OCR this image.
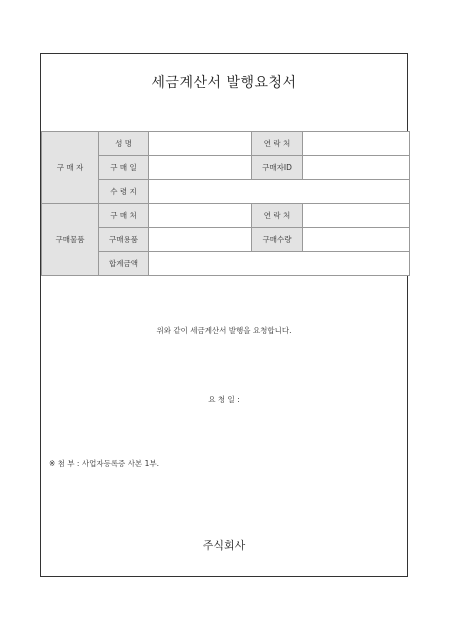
세금계산서 발행요청서
구 매 자	성 명		연 락 처	
	구 매 일		구매자ID	
	수 령 지			
구매물품	구 매 처		연 락 처	
	구매용품		구매수량	
	합계금액			
위와 같이 세금계산서 발행을 요청합니다.
요 청 일 :
※ 첨 부 : 사업자등록증 사본 1부.
주식회사
